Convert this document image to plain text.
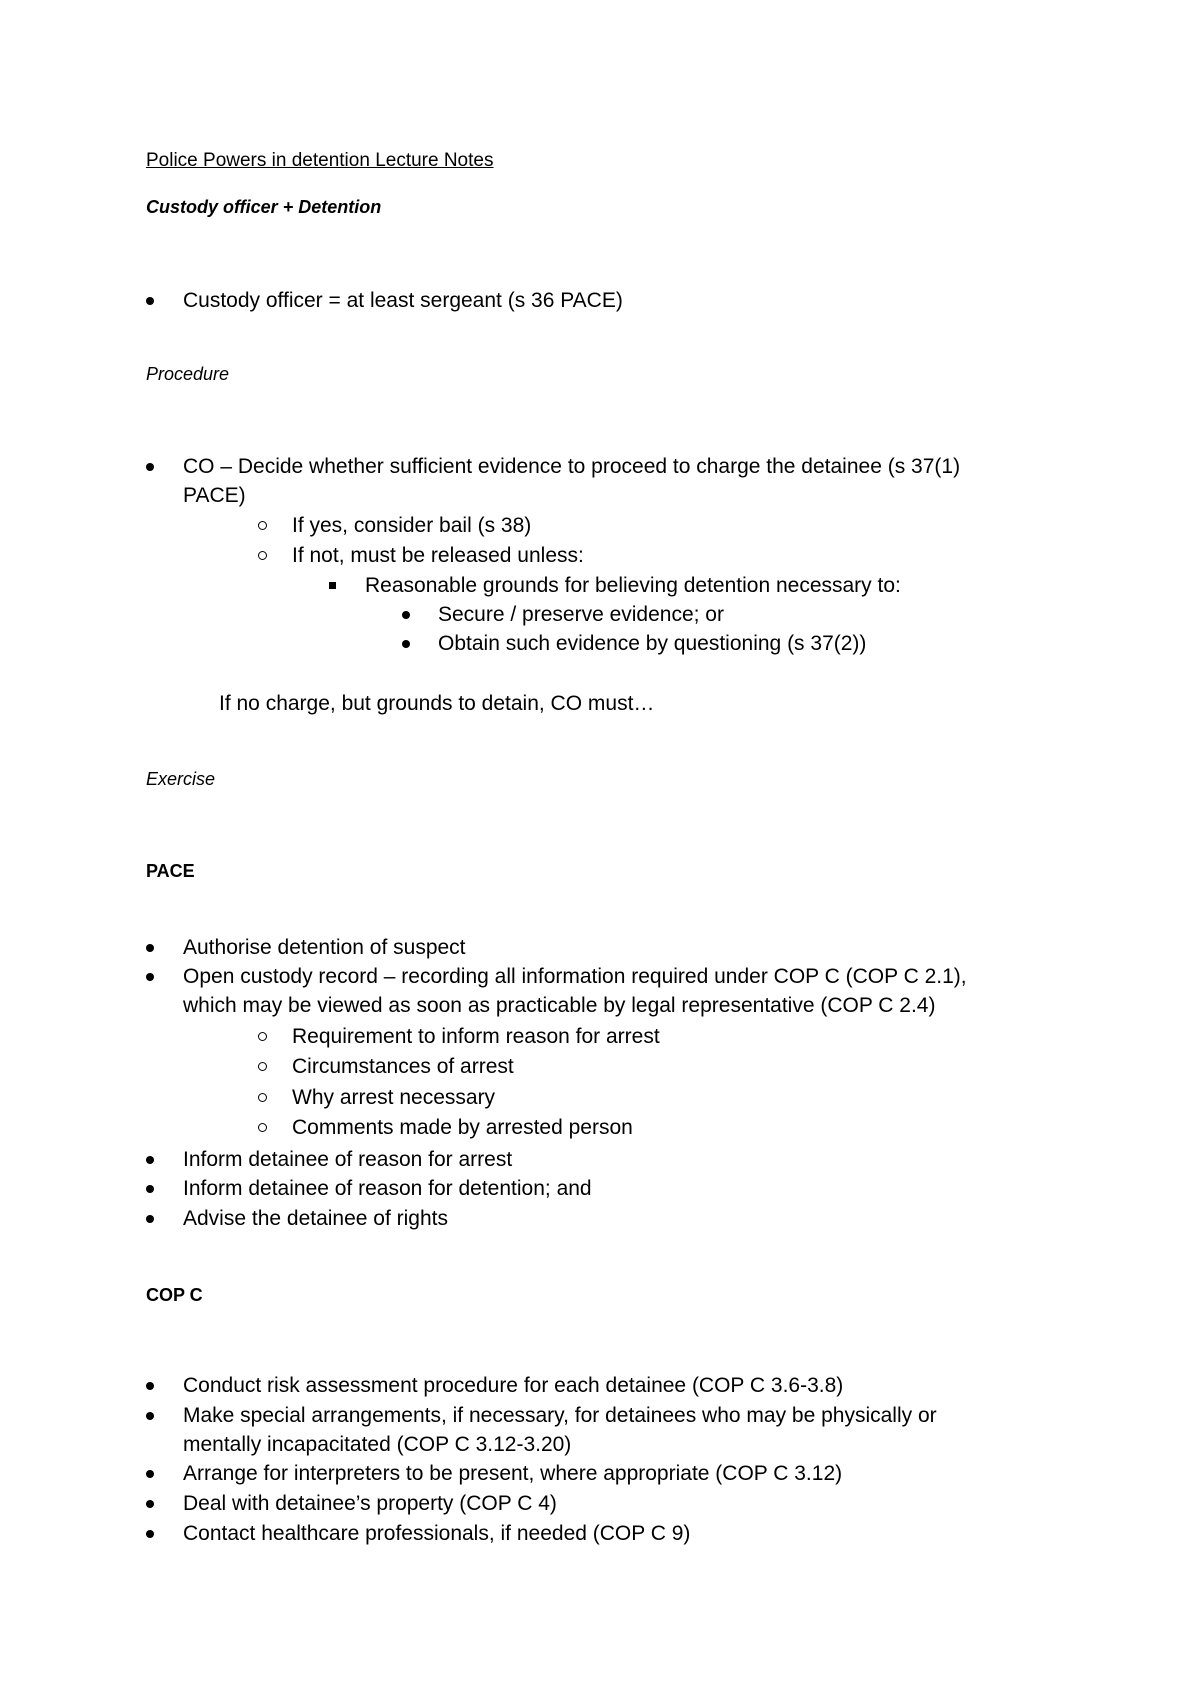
Police Powers in detention Lecture Notes
Custody officer + Detention
Custody officer = at least sergeant (s 36 PACE)
Procedure
CO – Decide whether sufficient evidence to proceed to charge the detainee (s 37(1)
PACE)
If yes, consider bail (s 38)
If not, must be released unless:
Reasonable grounds for believing detention necessary to:
Secure / preserve evidence; or
Obtain such evidence by questioning (s 37(2))
If no charge, but grounds to detain, CO must…
Exercise
PACE
Authorise detention of suspect
Open custody record – recording all information required under COP C (COP C 2.1),
which may be viewed as soon as practicable by legal representative (COP C 2.4)
Requirement to inform reason for arrest
Circumstances of arrest
Why arrest necessary
Comments made by arrested person
Inform detainee of reason for arrest
Inform detainee of reason for detention; and
Advise the detainee of rights
COP C
Conduct risk assessment procedure for each detainee (COP C 3.6-3.8)
Make special arrangements, if necessary, for detainees who may be physically or
mentally incapacitated (COP C 3.12-3.20)
Arrange for interpreters to be present, where appropriate (COP C 3.12)
Deal with detainee’s property (COP C 4)
Contact healthcare professionals, if needed (COP C 9)
